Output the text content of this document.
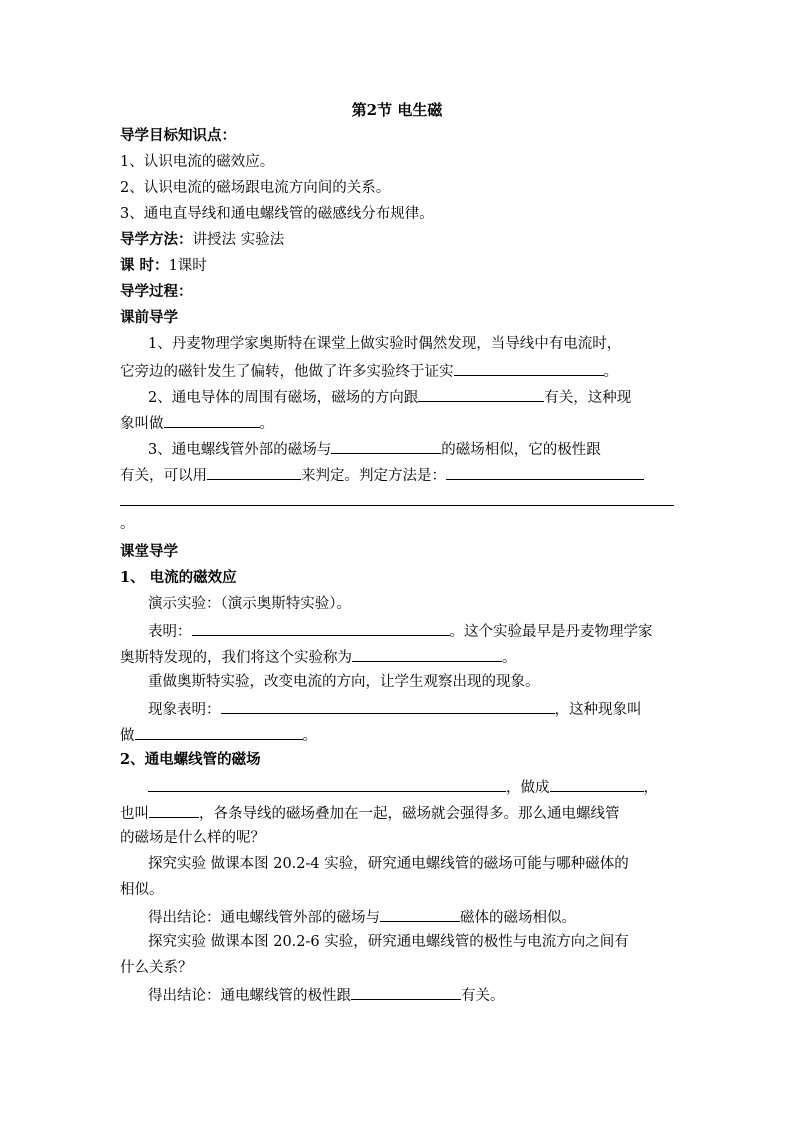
第2节 电生磁
导学目标知识点：
1、认识电流的磁效应。
2、认识电流的磁场跟电流方向间的关系。
3、通电直导线和通电螺线管的磁感线分布规律。
导学方法：讲授法 实验法
课 时：1课时
导学过程：
课前导学
1、丹麦物理学家奥斯特在课堂上做实验时偶然发现，当导线中有电流时，
它旁边的磁针发生了偏转，他做了许多实验终于证实	。
2、通电导体的周围有磁场，磁场的方向跟	有关，这种现
象叫做	。
3、通电螺线管外部的磁场与	的磁场相似，它的极性跟
有关，可以用	来判定。判定方法是：
。
课堂导学
1、 电流的磁效应
演示实验：（演示奥斯特实验）。
表明：	。这个实验最早是丹麦物理学家
奥斯特发现的，我们将这个实验称为	。
重做奥斯特实验，改变电流的方向，让学生观察出现的现象。
现象表明：	，这种现象叫
做	。
2、通电螺线管的磁场
，做成	，
也叫	，各条导线的磁场叠加在一起，磁场就会强得多。那么通电螺线管
的磁场是什么样的呢？
探究实验 做课本图 20.2-4 实验，研究通电螺线管的磁场可能与哪种磁体的
相似。
得出结论：通电螺线管外部的磁场与	磁体的磁场相似。
探究实验 做课本图 20.2-6 实验，研究通电螺线管的极性与电流方向之间有
什么关系？
得出结论：通电螺线管的极性跟	有关。
